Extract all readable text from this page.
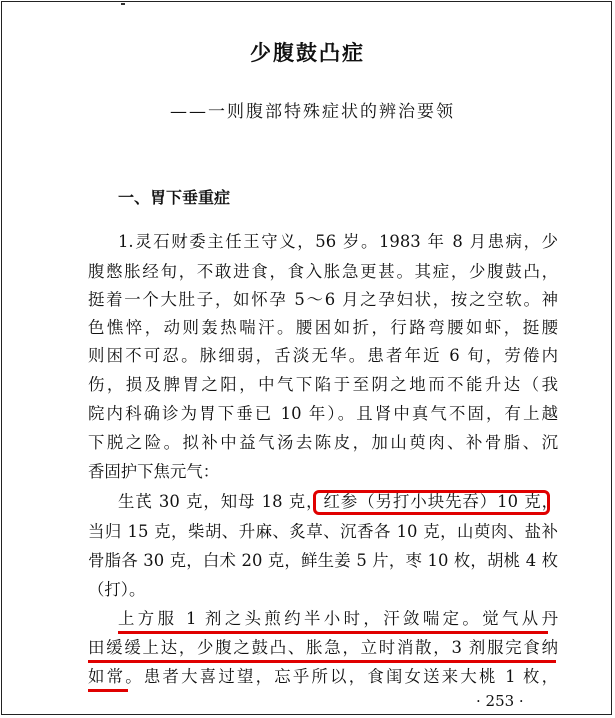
少腹鼓凸症
——一则腹部特殊症状的辨治要领
一、胃下垂重症
1.灵石财委主任王守义，56 岁。1983 年 8 月患病，少
腹憋胀经旬，不敢进食，食入胀急更甚。其症，少腹鼓凸，
挺着一个大肚子，如怀孕 5～6 月之孕妇状，按之空软。神
色憔悴，动则轰热喘汗。腰困如折，行路弯腰如虾，挺腰
则困不可忍。脉细弱，舌淡无华。患者年近 6 旬，劳倦内
伤，损及脾胃之阳，中气下陷于至阴之地而不能升达（我
院内科确诊为胃下垂已 10 年）。且肾中真气不固，有上越
下脱之险。拟补中益气汤去陈皮，加山萸肉、补骨脂、沉
香固护下焦元气：
生芪 30 克，知母 18 克，红参（另打小块先吞）10 克，
当归 15 克，柴胡、升麻、炙草、沉香各 10 克，山萸肉、盐补
骨脂各 30 克，白术 20 克，鲜生姜 5 片，枣 10 枚，胡桃 4 枚
（打）。
上方服 1 剂之头煎约半小时，汗敛喘定。觉气从丹
田缓缓上达，少腹之鼓凸、胀急，立时消散，3 剂服完食纳
如常。患者大喜过望，忘乎所以，食闺女送来大桃 1 枚，
· 253 ·
